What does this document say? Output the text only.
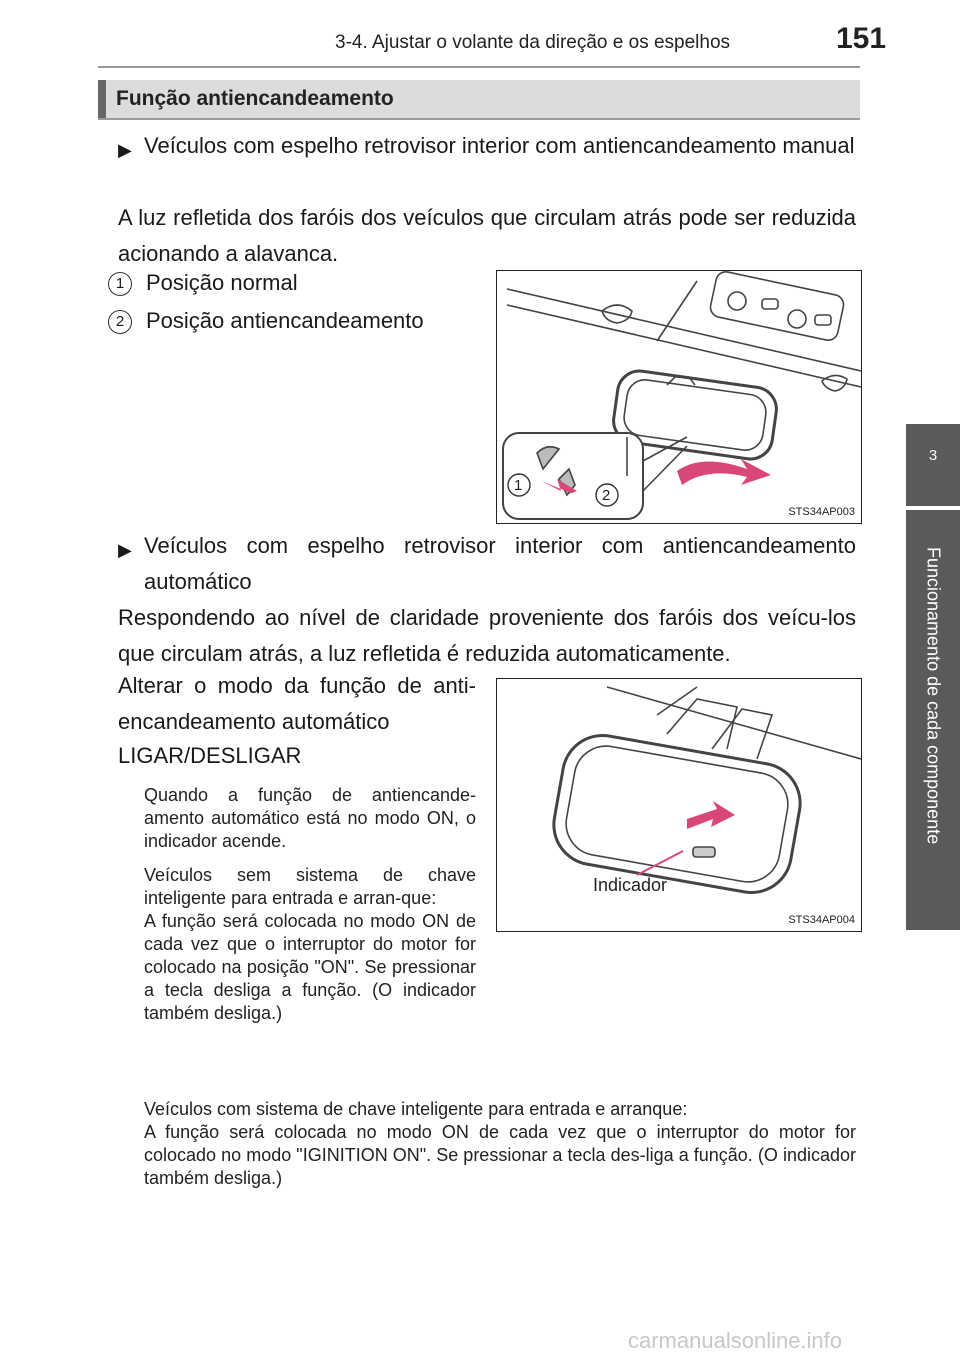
3-4. Ajustar o volante da direção e os espelhos	151
Função antiencandeamento
3
Funcionamento de cada componente
▶ Veículos com espelho retrovisor interior com antiencandeamento manual
A luz refletida dos faróis dos veículos que circulam atrás pode ser reduzida acionando a alavanca.
1 Posição normal
2 Posição antiencandeamento
1
2
STS34AP003
▶ Veículos com espelho retrovisor interior com antiencandeamento automático
Respondendo ao nível de claridade proveniente dos faróis dos veícu-los que circulam atrás, a luz refletida é reduzida automaticamente.
Alterar o modo da função de anti-encandeamento automático
LIGAR/DESLIGAR
Quando a função de antiencande-amento automático está no modo ON, o indicador acende.
Veículos sem sistema de chave inteligente para entrada e arran-que:
A função será colocada no modo ON de cada vez que o interruptor do motor for colocado na posição "ON". Se pressionar a tecla desliga a função. (O indicador também desliga.)
Veículos com sistema de chave inteligente para entrada e arranque:
A função será colocada no modo ON de cada vez que o interruptor do motor for colocado no modo "IGINITION ON". Se pressionar a tecla des-liga a função. (O indicador também desliga.)
Indicador
STS34AP004
carmanualsonline.info
